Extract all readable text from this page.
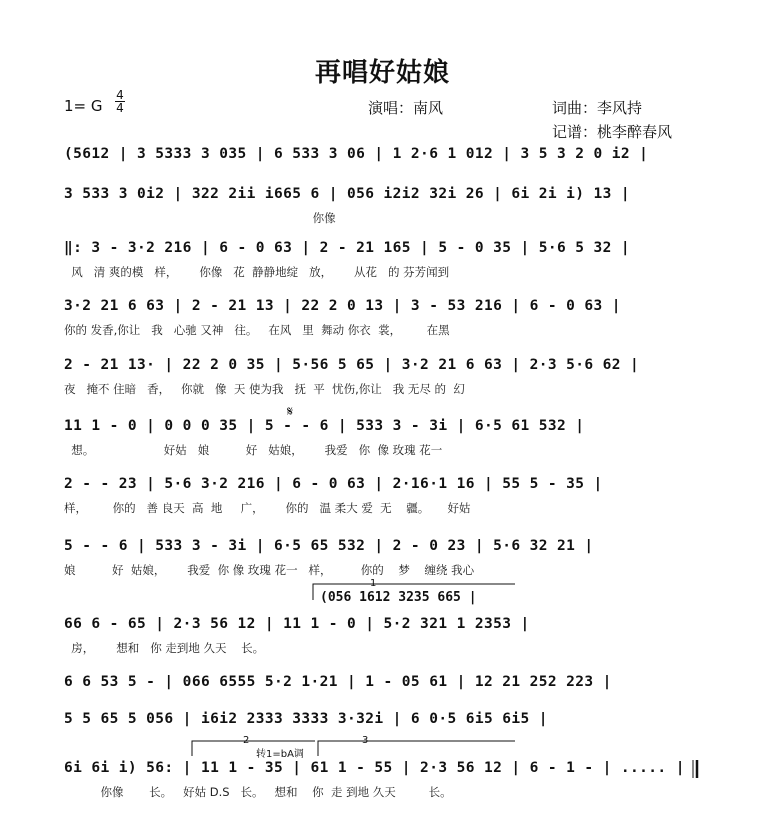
再唱好姑娘
1= G $\frac{4}{4}$	演唱：南风	词曲：李风持
记谱：桃李醉春风
(5612 | 3 5333 3 035 | 6 533 3 06 | 1 2·6 1 012 | 3 5 3 2 0 i2 |
3 533 3 0i2 | 322 2ii i665 6 | 056 i2i2 32i 26 | 6i 2i i) 13 |
你像
‖: 3 - 3·2 216 | 6 - 0 63 | 2 - 21 165 | 5 - 0 35 | 5·6 5 32 |
风   清 爽的模   样，      你像   花  静静地绽   放，      从花   的 芬芳闻到
3·2 21 6 63 | 2 - 21 13 | 22 2 0 13 | 3 - 53 216 | 6 - 0 63 |
你的 发香,你让   我   心驰 又神   往。   在风   里  舞动 你衣  裳，       在黑
2 - 21 13· | 22 2 0 35 | 5·56 5 65 | 3·2 21 6 63 | 2·3 5·6 62 |
夜   掩不 住暗   香，   你就   像  天 使为我   抚  平  忧伤,你让   我 无尽 的  幻
11 1 - 0 | 0 0 0 35 | 5 - - 6 | 533 3 - 3i | 6·5 61 532 |
想。                   好姑   娘          好   姑娘，      我爱   你  像 玫瑰 花一
2 - - 23 | 5·6 3·2 216 | 6 - 0 63 | 2·16·1 16 | 55 5 - 35 |
样，       你的   善 良天  高  地     广，      你的   温 柔大 爱  无    疆。     好姑
5 - - 6 | 533 3 - 3i | 6·5 65 532 | 2 - 0 23 | 5·6 32 21 |
娘          好  姑娘，      我爱  你 像 玫瑰 花一   样，        你的    梦    缠绕 我心
(056 1612 3235 665 |
66 6 - 65 | 2·3 56 12 | 11 1 - 0 | 5·2 321 1 2353 |
房，      想和   你 走到地 久天    长。
6 6 53 5 - | 066 6555 5·2 1·21 | 1 - 05 61 | 12 21 252 223 |
5 5 65 5 056 | i6i2 2333 3333 3·32i | 6 0·5 6i5 6i5 |
6i 6i i) 56: | 11 1 - 35 | 61 1 - 55 | 2·3 56 12 | 6 - 1 - | ..... |
你像       长。   好姑 D.S   长。   想和    你  走 到地 久天         长。
𝄋
1
2	3
转1=bA调
